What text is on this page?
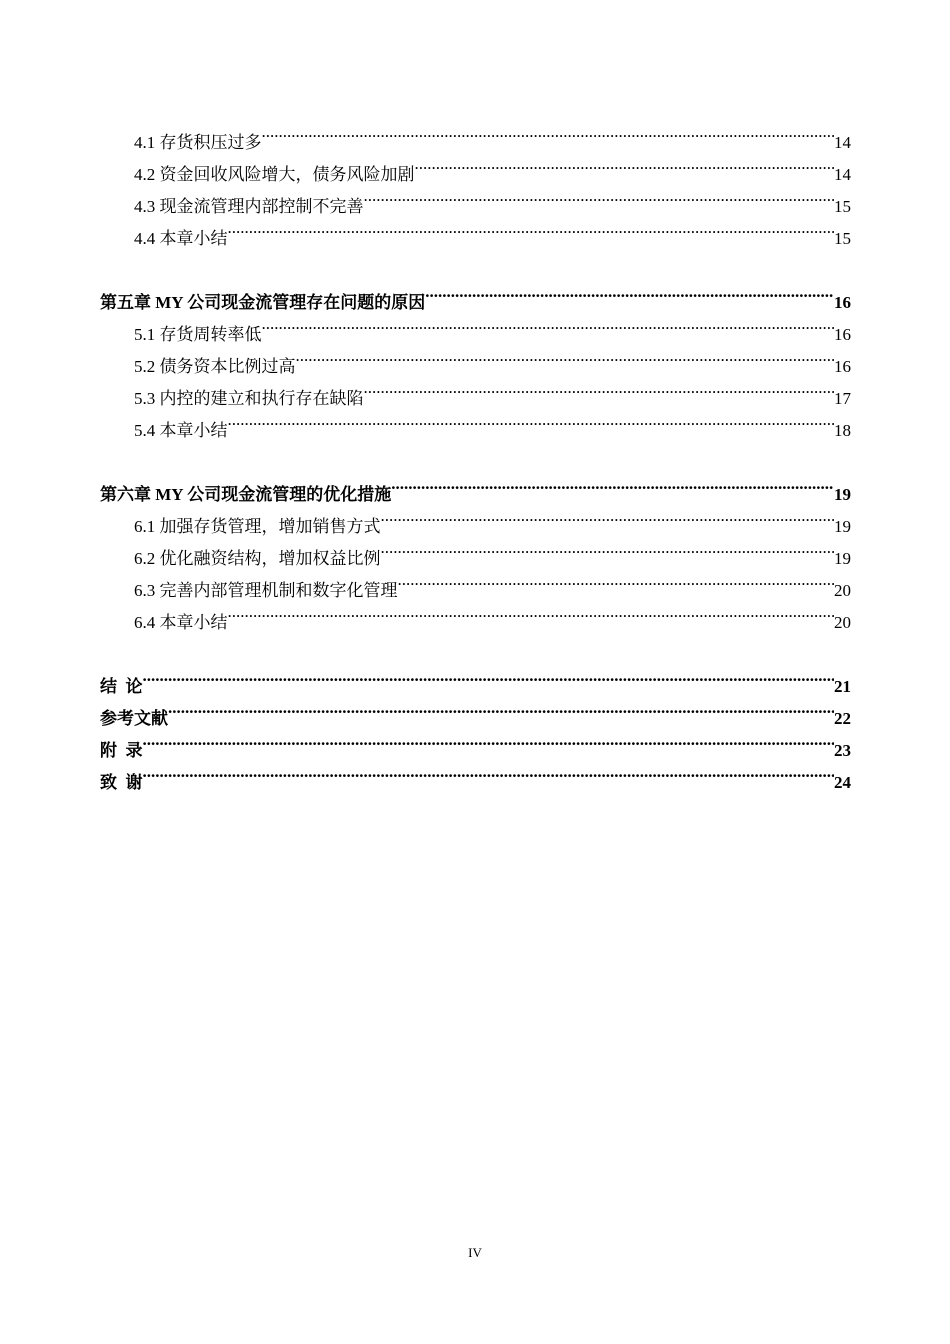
4.1 存货积压过多 .....	14
4.2 资金回收风险增大，债务风险加剧 .....	14
4.3 现金流管理内部控制不完善 .....	15
4.4 本章小结 .....	15
第五章 MY 公司现金流管理存在问题的原因 .....	16
5.1 存货周转率低 .....	16
5.2 债务资本比例过高 .....	16
5.3 内控的建立和执行存在缺陷 .....	17
5.4 本章小结 .....	18
第六章 MY 公司现金流管理的优化措施 .....	19
6.1 加强存货管理，增加销售方式 .....	19
6.2 优化融资结构，增加权益比例 .....	19
6.3 完善内部管理机制和数字化管理 .....	20
6.4 本章小结 .....	20
结  论 .....	21
参考文献 .....	22
附  录 .....	23
致  谢 .....	24
IV
